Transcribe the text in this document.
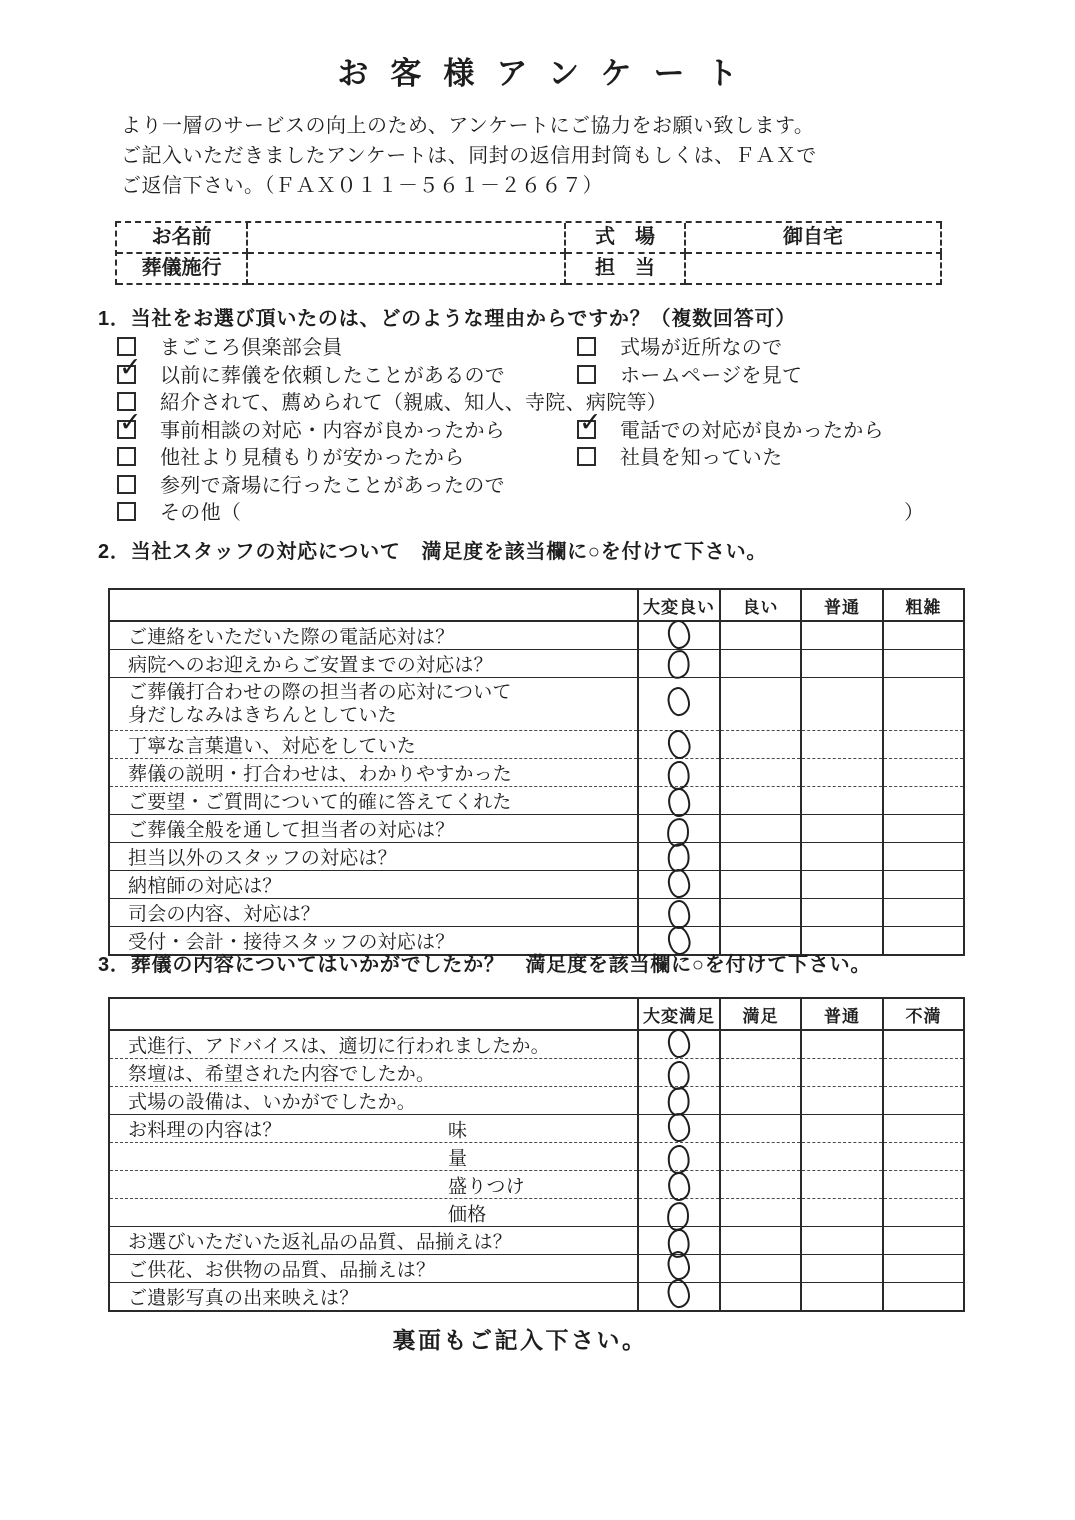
お客様アンケート
より一層のサービスの向上のため、アンケートにご協力をお願い致します。
ご記入いただきましたアンケートは、同封の返信用封筒もしくは、ＦＡＸで
ご返信下さい。（ＦＡＸ０１１－５６１－２６６７）
お名前	式　場	御自宅
葬儀施行	担　当
1．当社をお選び頂いたのは、どのような理由からですか？（複数回答可）
まごころ倶楽部会員	式場が近所なので
✓ 以前に葬儀を依頼したことがあるので	ホームページを見て
紹介されて、薦められて（親戚、知人、寺院、病院等）
✓ 事前相談の対応・内容が良かったから	✓ 電話での対応が良かったから
他社より見積もりが安かったから	社員を知っていた
参列で斎場に行ったことがあったので
その他（	）
2．当社スタッフの対応について　満足度を該当欄に○を付けて下さい。
	大変良い	良い	普通	粗雑
ご連絡をいただいた際の電話応対は？				
病院へのお迎えからご安置までの対応は？				

ご葬儀打合わせの際の担当者の応対について
身だしなみはきちんとしていた				

丁寧な言葉遣い、対応をしていた				
葬儀の説明・打合わせは、わかりやすかった				
ご要望・ご質問について的確に答えてくれた				
ご葬儀全般を通して担当者の対応は？				
担当以外のスタッフの対応は？				
納棺師の対応は？				
司会の内容、対応は？				
受付・会計・接待スタッフの対応は？				
3．葬儀の内容についてはいかがでしたか？　満足度を該当欄に○を付けて下さい。
	大変満足	満足	普通	不満
式進行、アドバイスは、適切に行われましたか。

祭壇は、希望された内容でしたか。

式場の設備は、いかがでしたか。

お料理の内容は？ 味				

量				

盛りつけ				

価格				

お選びいただいた返礼品の品質、品揃えは？

ご供花、お供物の品質、品揃えは？

ご遺影写真の出来映えは？

裏面もご記入下さい。
